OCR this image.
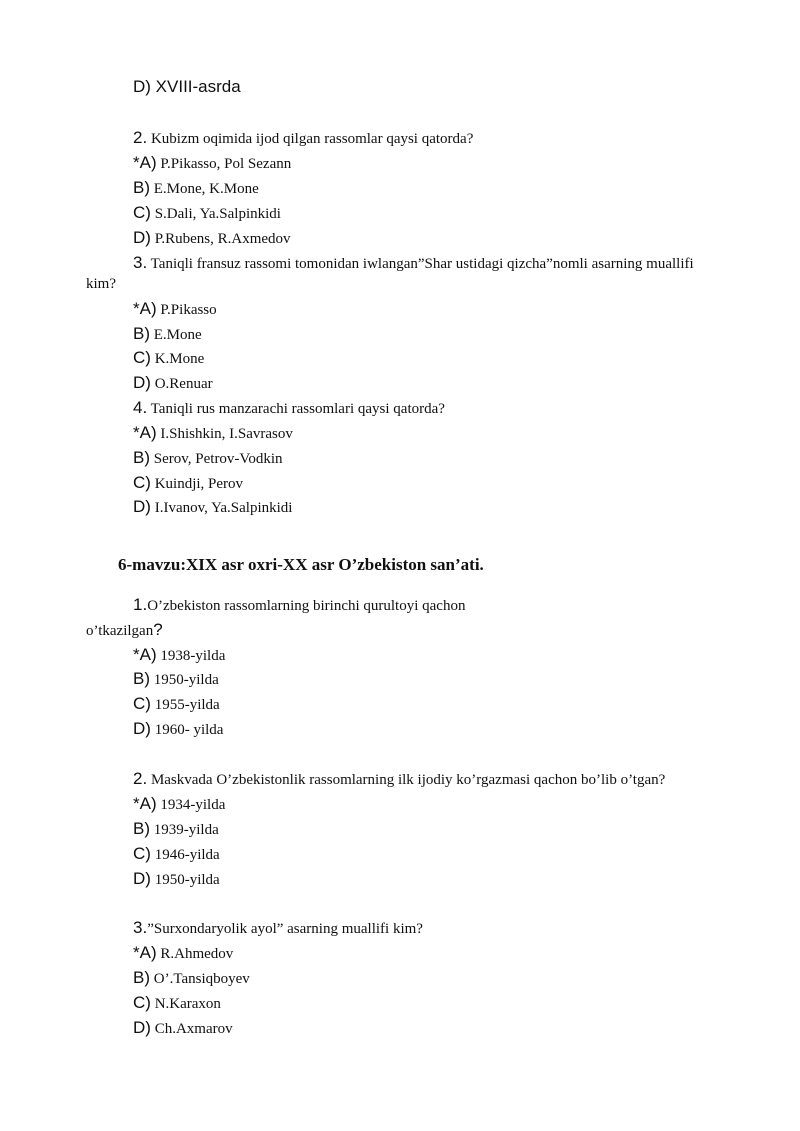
6-mavzu:XIX asr oxri-XX asr O’zbekiston san’ati.
D) XVIII-asrda
2. Kubizm oqimida ijod qilgan rassomlar qaysi qatorda?
*A) P.Pikasso, Pol Sezann
B) E.Mone, K.Mone
C) S.Dali, Ya.Salpinkidi
D) P.Rubens, R.Axmedov
3. Taniqli fransuz rassomi tomonidan iwlangan”Shar ustidagi qizcha”nomli asarning muallifi
kim?
*A) P.Pikasso
B) E.Mone
C) K.Mone
D) O.Renuar
4. Taniqli rus manzarachi rassomlari qaysi qatorda?
*A) I.Shishkin, I.Savrasov
B) Serov, Petrov-Vodkin
C) Kuindji, Perov
D) I.Ivanov, Ya.Salpinkidi
1.O’zbekiston rassomlarning birinchi qurultoyi qachon
o’tkazilgan?
*A) 1938-yilda
B) 1950-yilda
C) 1955-yilda
D) 1960- yilda
2. Maskvada O’zbekistonlik rassomlarning ilk ijodiy ko’rgazmasi qachon bo’lib o’tgan?
*A) 1934-yilda
B) 1939-yilda
C) 1946-yilda
D) 1950-yilda
3.”Surxondaryolik ayol” asarning muallifi kim?
*A) R.Ahmedov
B) O’.Tansiqboyev
C) N.Karaxon
D) Ch.Axmarov
